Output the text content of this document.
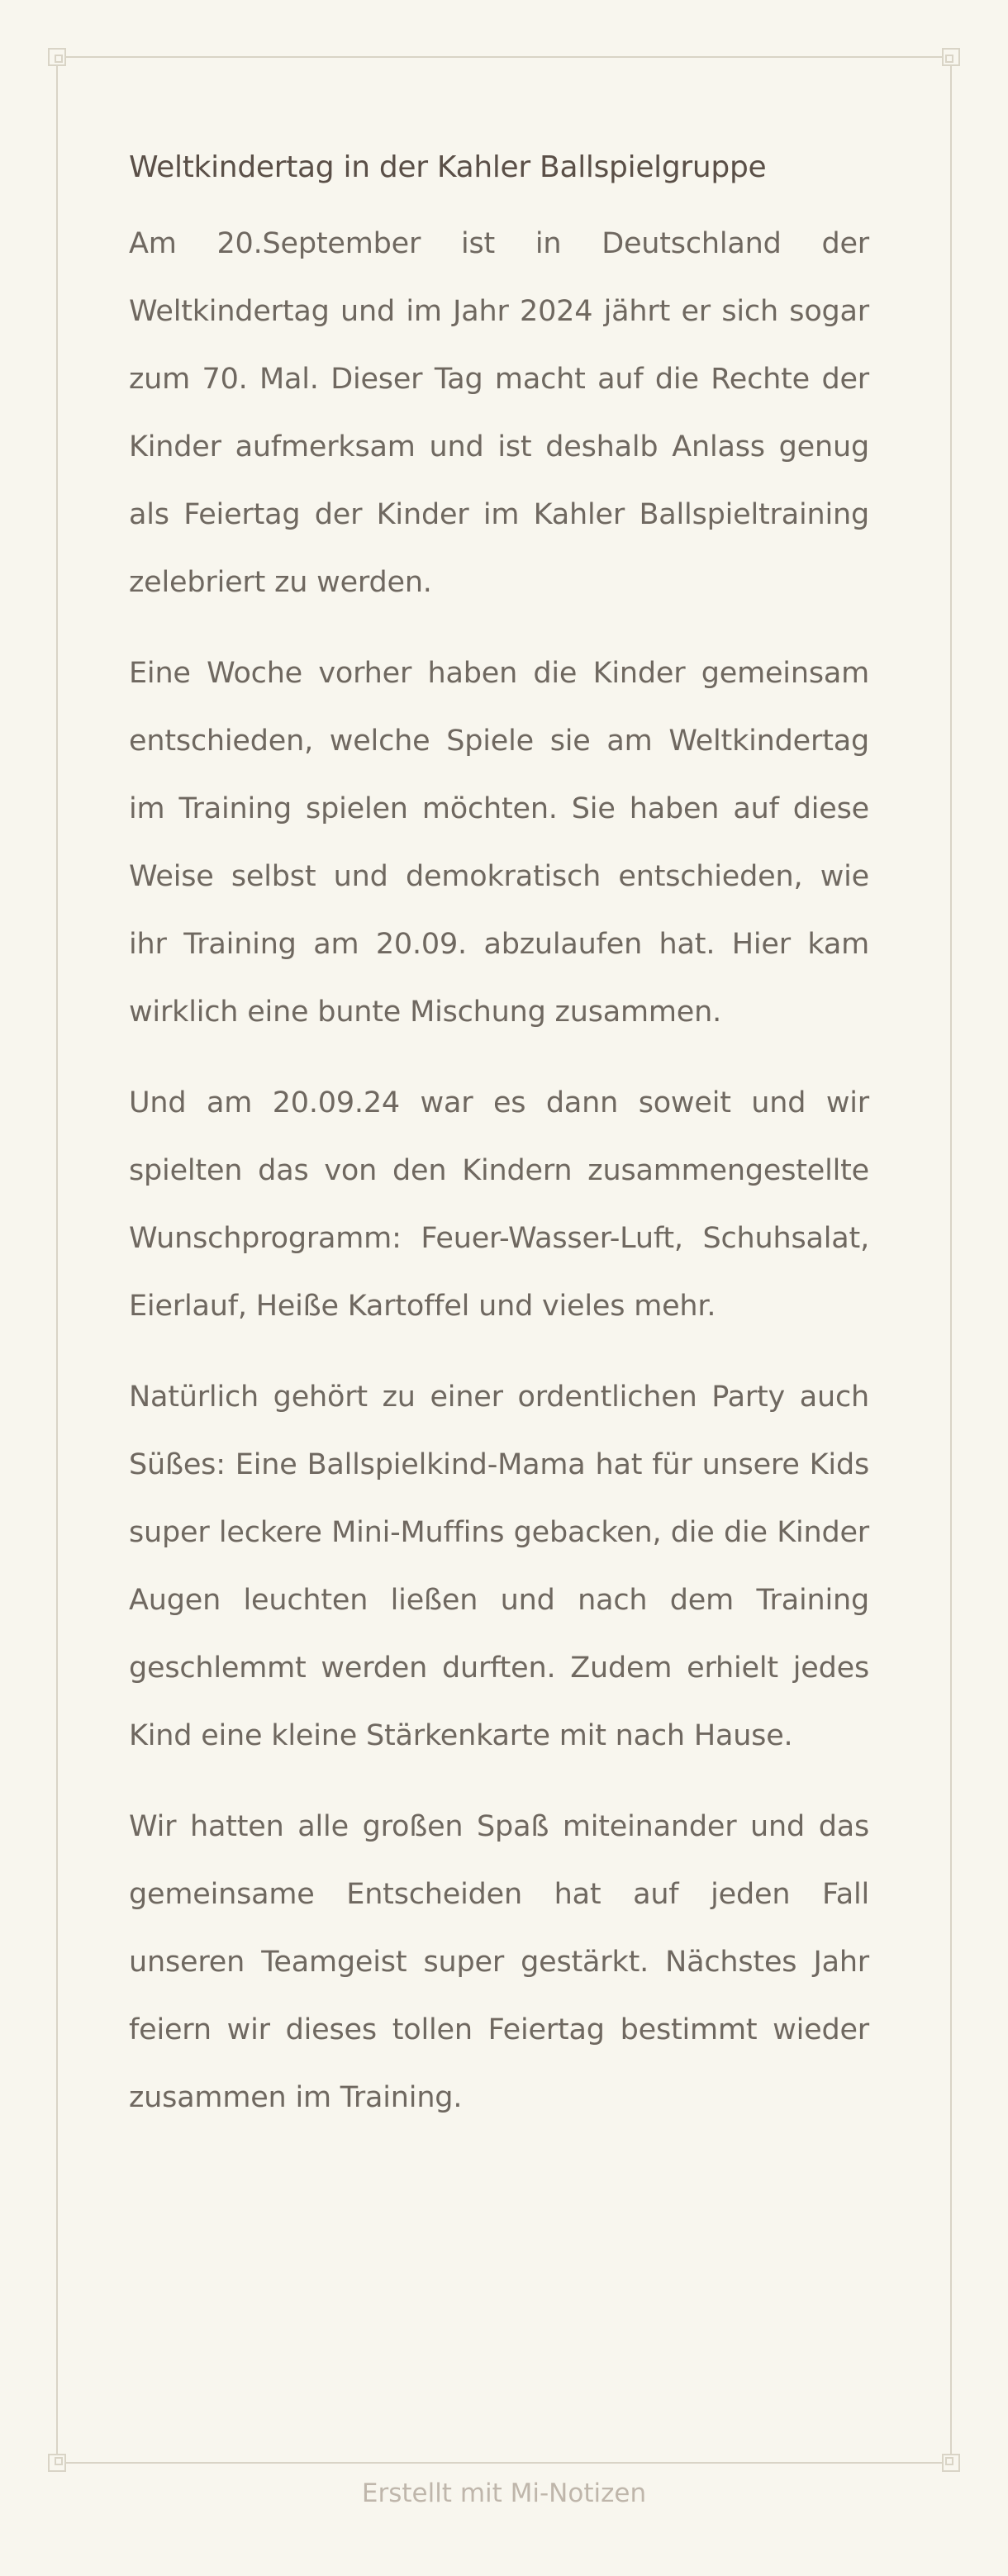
Weltkindertag in der Kahler Ballspielgruppe

Am 20.September ist in Deutschland der Weltkindertag und im Jahr 2024 jährt er sich sogar zum 70. Mal. Dieser Tag macht auf die Rechte der Kinder aufmerksam und ist deshalb Anlass genug als Feiertag der Kinder im Kahler Ballspieltraining zelebriert zu werden.

Eine Woche vorher haben die Kinder gemeinsam entschieden, welche Spiele sie am Weltkindertag im Training spielen möchten. Sie haben auf diese Weise selbst und demokratisch entschieden, wie ihr Training am 20.09. abzulaufen hat. Hier kam wirklich eine bunte Mischung zusammen.

Und am 20.09.24 war es dann soweit und wir spielten das von den Kindern zusammengestellte Wunschprogramm: Feuer-Wasser-Luft, Schuhsalat, Eierlauf, Heiße Kartoffel und vieles mehr.

Natürlich gehört zu einer ordentlichen Party auch Süßes: Eine Ballspielkind-Mama hat für unsere Kids super leckere Mini-Muffins gebacken, die die Kinder Augen leuchten ließen und nach dem Training geschlemmt werden durften. Zudem erhielt jedes Kind eine kleine Stärkenkarte mit nach Hause.

Wir hatten alle großen Spaß miteinander und das gemeinsame Entscheiden hat auf jeden Fall unseren Teamgeist super gestärkt. Nächstes Jahr feiern wir dieses tollen Feiertag bestimmt wieder zusammen im Training.

Erstellt mit Mi-Notizen
